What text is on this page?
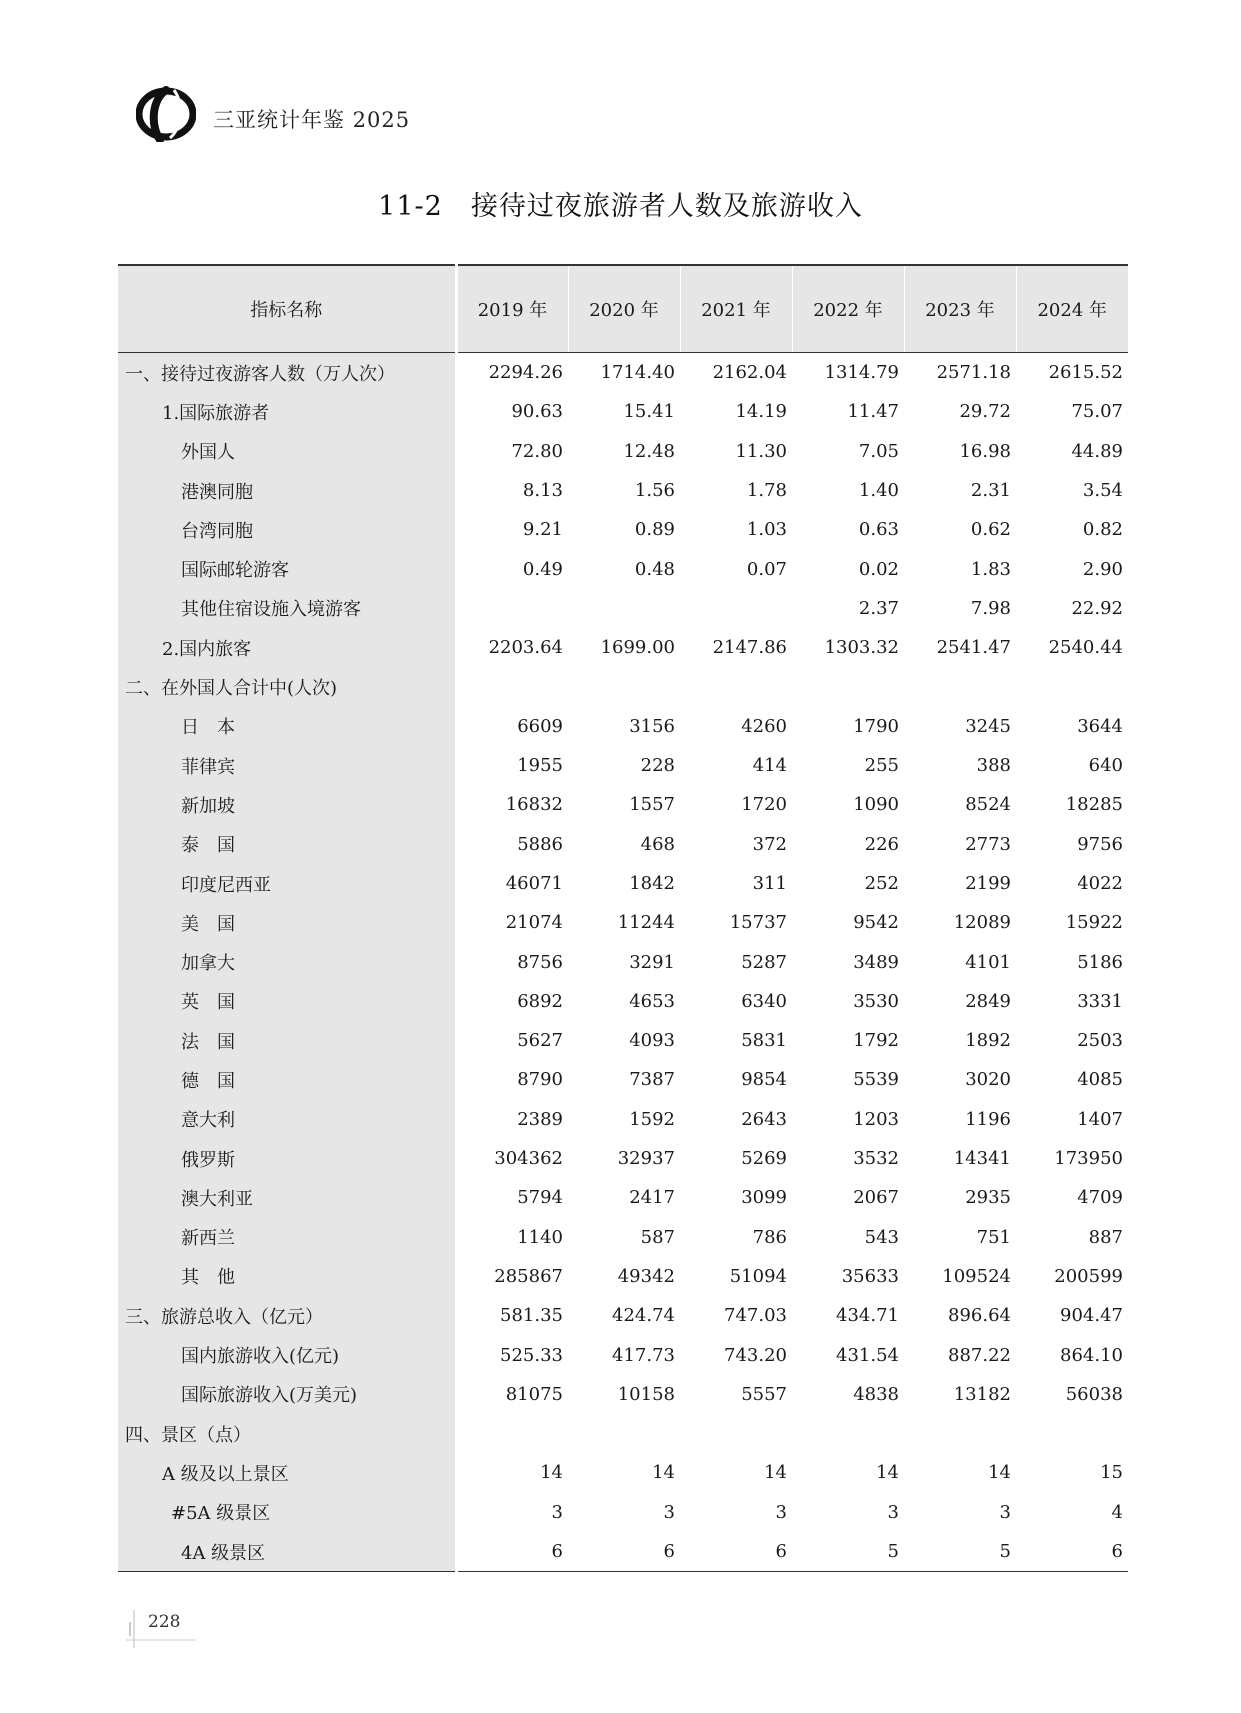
三亚统计年鉴 2025
11-2 接待过夜旅游者人数及旅游收入
指标名称	2019 年	2020 年	2021 年	2022 年	2023 年	2024 年
一、接待过夜游客人数（万人次）	2294.26	1714.40	2162.04	1314.79	2571.18	2615.52
1.国际旅游者	90.63	15.41	14.19	11.47	29.72	75.07
外国人	72.80	12.48	11.30	7.05	16.98	44.89
港澳同胞	8.13	1.56	1.78	1.40	2.31	3.54
台湾同胞	9.21	0.89	1.03	0.63	0.62	0.82
国际邮轮游客	0.49	0.48	0.07	0.02	1.83	2.90
其他住宿设施入境游客				2.37	7.98	22.92
2.国内旅客	2203.64	1699.00	2147.86	1303.32	2541.47	2540.44
二、在外国人合计中(人次)						
日　本	6609	3156	4260	1790	3245	3644
菲律宾	1955	228	414	255	388	640
新加坡	16832	1557	1720	1090	8524	18285
泰　国	5886	468	372	226	2773	9756
印度尼西亚	46071	1842	311	252	2199	4022
美　国	21074	11244	15737	9542	12089	15922
加拿大	8756	3291	5287	3489	4101	5186
英　国	6892	4653	6340	3530	2849	3331
法　国	5627	4093	5831	1792	1892	2503
德　国	8790	7387	9854	5539	3020	4085
意大利	2389	1592	2643	1203	1196	1407
俄罗斯	304362	32937	5269	3532	14341	173950
澳大利亚	5794	2417	3099	2067	2935	4709
新西兰	1140	587	786	543	751	887
其　他	285867	49342	51094	35633	109524	200599
三、旅游总收入（亿元）	581.35	424.74	747.03	434.71	896.64	904.47
国内旅游收入(亿元)	525.33	417.73	743.20	431.54	887.22	864.10
国际旅游收入(万美元)	81075	10158	5557	4838	13182	56038
四、景区（点）						
A 级及以上景区	14	14	14	14	14	15
#5A 级景区	3	3	3	3	3	4
4A 级景区	6	6	6	5	5	6
228
